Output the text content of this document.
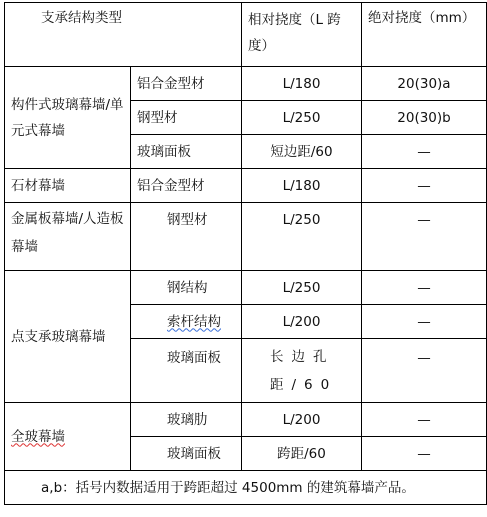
支承结构类型		相对挠度（L 跨度）	绝对挠度（mm）
构件式玻璃幕墙/单元式幕墙	铝合金型材	L/180	20(30)a
	钢型材	L/250	20(30)b
	玻璃面板	短边距/60	—
石材幕墙	铝合金型材	L/180	—
金属板幕墙/人造板幕墙	钢型材	L/250	—
点支承玻璃幕墙	钢结构	L/250	—
	索杆结构	L/200	—
	玻璃面板	长边孔距/60	—
全玻幕墙	玻璃肋	L/200	—
	玻璃面板	跨距/60	—
a,b：括号内数据适用于跨距超过 4500mm 的建筑幕墙产品。			
